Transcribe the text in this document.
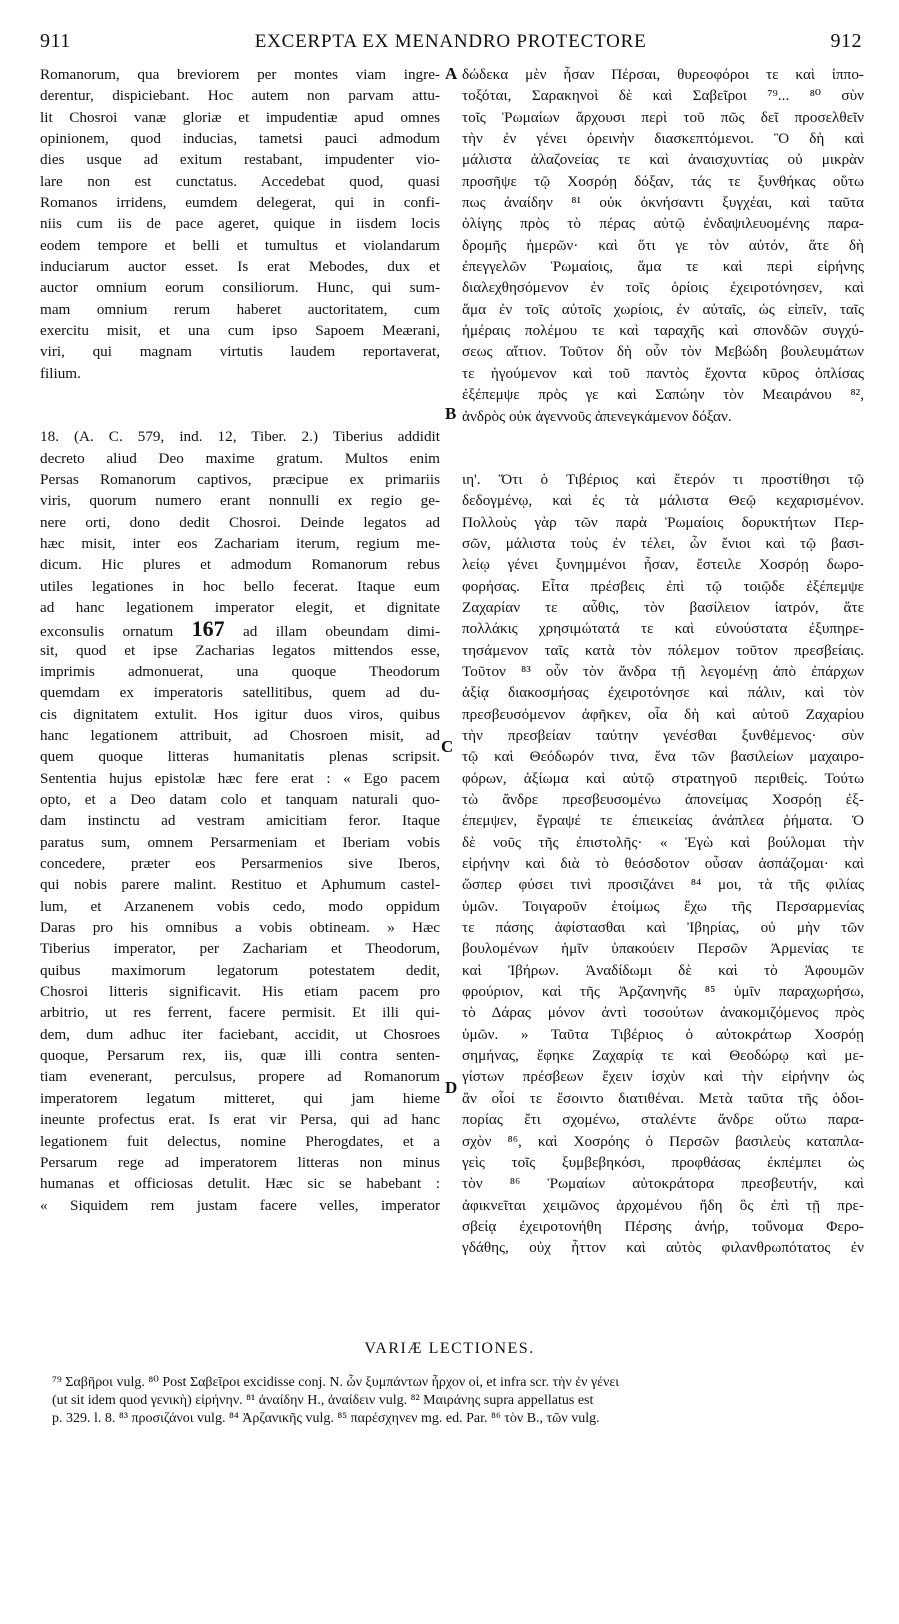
911	EXCERPTA EX MENANDRO PROTECTORE	912
Romanorum, qua breviorem per montes viam ingre-
derentur, dispiciebant. Hoc autem non parvam attu-
lit Chosroi vanæ gloriæ et impudentiæ apud omnes
opinionem, quod inducias, tametsi pauci admodum
dies usque ad exitum restabant, impudenter vio-
lare non est cunctatus. Accedebat quod, quasi
Romanos irridens, eumdem delegerat, qui in confi-
niis cum iis de pace ageret, quique in iisdem locis
eodem tempore et belli et tumultus et violandarum
induciarum auctor esset. Is erat Mebodes, dux et
auctor omnium eorum consiliorum. Hunc, qui sum-
mam omnium rerum haberet auctoritatem, cum
exercitu misit, et una cum ipso Sapoem Meærani,
viri, qui magnam virtutis laudem reportaverat,
filium.
18. (A. C. 579, ind. 12, Tiber. 2.) Tiberius addidit
decreto aliud Deo maxime gratum. Multos enim
Persas Romanorum captivos, præcipue ex primariis
viris, quorum numero erant nonnulli ex regio ge-
nere orti, dono dedit Chosroi. Deinde legatos ad
hæc misit, inter eos Zachariam iterum, regium me-
dicum. Hic plures et admodum Romanorum rebus
utiles legationes in hoc bello fecerat. Itaque eum
ad hanc legationem imperator elegit, et dignitate
exconsulis ornatum 167 ad illam obeundam dimi-
sit, quod et ipse Zacharias legatos mittendos esse,
imprimis admonuerat, una quoque Theodorum
quemdam ex imperatoris satellitibus, quem ad du-
cis dignitatem extulit. Hos igitur duos viros, quibus
hanc legationem attribuit, ad Chosroen misit, ad
quem quoque litteras humanitatis plenas scripsit.
Sententia hujus epistolæ hæc fere erat : « Ego pacem
opto, et a Deo datam colo et tanquam naturali quo-
dam instinctu ad vestram amicitiam feror. Itaque
paratus sum, omnem Persarmeniam et Iberiam vobis
concedere, præter eos Persarmenios sive Iberos,
qui nobis parere malint. Restituo et Aphumum castel-
lum, et Arzanenem vobis cedo, modo oppidum
Daras pro his omnibus a vobis obtineam. » Hæc
Tiberius imperator, per Zachariam et Theodorum,
quibus maximorum legatorum potestatem dedit,
Chosroi litteris significavit. His etiam pacem pro
arbitrio, ut res ferrent, facere permisit. Et illi qui-
dem, dum adhuc iter faciebant, accidit, ut Chosroes
quoque, Persarum rex, iis, quæ illi contra senten-
tiam evenerant, perculsus, propere ad Romanorum
imperatorem legatum mitteret, qui jam hieme
ineunte profectus erat. Is erat vir Persa, qui ad hanc
legationem fuit delectus, nomine Pherogdates, et a
Persarum rege ad imperatorem litteras non minus
humanas et officiosas detulit. Hæc sic se habebant :
« Siquidem rem justam facere velles, imperator
δώδεκα μὲν ἦσαν Πέρσαι, θυρεοφόροι τε καὶ ἱππο-
τοξόται, Σαρακηνοὶ δὲ καὶ Σαβεῖροι ⁷⁹... ⁸⁰ σὺν
τοῖς Ῥωμαίων ἄρχουσι περὶ τοῦ πῶς δεῖ προσελθεῖν
τὴν ἐν γένει ὀρεινὴν διασκεπτόμενοι. Ὃ δὴ καὶ
μάλιστα ἀλαζονείας τε καὶ ἀναισχυντίας οὐ μικρὰν
προσῆψε τῷ Χοσρόῃ δόξαν, τάς τε ξυνθήκας οὕτω
πως ἀναίδην ⁸¹ οὐκ ὀκνήσαντι ξυγχέαι, καὶ ταῦτα
ὀλίγης πρὸς τὸ πέρας αὐτῷ ἐνδαψιλευομένης παρα-
δρομῆς ἡμερῶν· καὶ ὅτι γε τὸν αὐτόν, ἅτε δὴ
ἐπεγγελῶν Ῥωμαίοις, ἅμα τε καὶ περὶ εἰρήνης
διαλεχθησόμενον ἐν τοῖς ὁρίοις ἐχειροτόνησεν, καὶ
ἅμα ἐν τοῖς αὐτοῖς χωρίοις, ἐν αὐταῖς, ὡς εἰπεῖν, ταῖς
ἡμέραις πολέμου τε καὶ ταραχῆς καὶ σπονδῶν συγχύ-
σεως αἴτιον. Τοῦτον δὴ οὖν τὸν Μεβώδη βουλευμάτων
τε ἡγούμενον καὶ τοῦ παντὸς ἔχοντα κῦρος ὁπλίσας
ἐξέπεμψε πρὸς γε καὶ Σαπώην τὸν Μεαιράνου ⁸²,
ἀνδρὸς οὐκ ἀγεννοῦς ἀπενεγκάμενον δόξαν.
ιη'. Ὅτι ὁ Τιβέριος καὶ ἕτερόν τι προστίθησι τῷ
δεδογμένῳ, καὶ ἐς τὰ μάλιστα Θεῷ κεχαρισμένον.
Πολλοὺς γὰρ τῶν παρὰ Ῥωμαίοις δορυκτήτων Περ-
σῶν, μάλιστα τοὺς ἐν τέλει, ὧν ἔνιοι καὶ τῷ βασι-
λείῳ γένει ξυνημμένοι ἦσαν, ἔστειλε Χοσρόῃ δωρο-
φορήσας. Εἶτα πρέσβεις ἐπὶ τῷ τοιῷδε ἐξέπεμψε
Ζαχαρίαν τε αὖθις, τὸν βασίλειον ἰατρόν, ἅτε
πολλάκις χρησιμώτατά τε καὶ εὐνούστατα ἐξυπηρε-
τησάμενον ταῖς κατὰ τὸν πόλεμον τοῦτον πρεσβείαις.
Τοῦτον ⁸³ οὖν τὸν ἄνδρα τῇ λεγομένῃ ἀπὸ ἐπάρχων
ἀξίᾳ διακοσμήσας ἐχειροτόνησε καὶ πάλιν, καὶ τὸν
πρεσβευσόμενον ἀφῆκεν, οἷα δὴ καὶ αὐτοῦ Ζαχαρίου
τὴν πρεσβείαν ταύτην γενέσθαι ξυνθέμενος· σὺν
τῷ καὶ Θεόδωρόν τινα, ἕνα τῶν βασιλείων μαχαιρο-
φόρων, ἀξίωμα καὶ αὐτῷ στρατηγοῦ περιθείς. Τούτω
τὼ ἄνδρε πρεσβευσομένω ἀπονείμας Χοσρόῃ ἐξ-
έπεμψεν, ἔγραψέ τε ἐπιεικείας ἀνάπλεα ῥήματα. Ὁ
δὲ νοῦς τῆς ἐπιστολῆς· « Ἐγὼ καὶ βούλομαι τὴν
εἰρήνην καὶ διὰ τὸ θεόσδοτον οὖσαν ἀσπάζομαι· καὶ
ὥσπερ φύσει τινὶ προσιζάνει ⁸⁴ μοι, τὰ τῆς φιλίας
ὑμῶν. Τοιγαροῦν ἑτοίμως ἔχω τῆς Περσαρμενίας
τε πάσης ἀφίστασθαι καὶ Ἰβηρίας, οὐ μὴν τῶν
βουλομένων ἡμῖν ὑπακούειν Περσῶν Ἀρμενίας τε
καὶ Ἰβήρων. Ἀναδίδωμι δὲ καὶ τὸ Ἀφουμῶν
φρούριον, καὶ τῆς Ἀρζανηνῆς ⁸⁵ ὑμῖν παραχωρήσω,
τὸ Δάρας μόνον ἀντὶ τοσούτων ἀνακομιζόμενος πρὸς
ὑμῶν. » Ταῦτα Τιβέριος ὁ αὐτοκράτωρ Χοσρόῃ
σημήνας, ἔφηκε Ζαχαρίᾳ τε καὶ Θεοδώρῳ καὶ με-
γίστων πρέσβεων ἔχειν ἰσχὺν καὶ τὴν εἰρήνην ὡς
ἂν οἷοί τε ἔσοιντο διατιθέναι. Μετὰ ταῦτα τῆς ὁδοι-
πορίας ἔτι σχομένω, σταλέντε ἄνδρε οὕτω παρα-
σχὸν ⁸⁶, καὶ Χοσρόης ὁ Περσῶν βασιλεὺς καταπλα-
γεὶς τοῖς ξυμβεβηκόσι, προφθάσας ἐκπέμπει ὡς
τὸν ⁸⁶ Ῥωμαίων αὐτοκράτορα πρεσβευτήν, καὶ
ἀφικνεῖται χειμῶνος ἀρχομένου ἤδη ὃς ἐπὶ τῇ πρε-
σβείᾳ ἐχειροτονήθη Πέρσης ἀνήρ, τοὔνομα Φερο-
γδάθης, οὐχ ἧττον καὶ αὐτὸς φιλανθρωπότατος ἐν
A
B
C
D
VARIÆ LECTIONES.
⁷⁹ Σαβῆροι vulg. ⁸⁰ Post Σαβεῖροι excidisse conj. N. ὧν ξυμπάντων ἦρχον οἱ, et infra scr. τὴν ἐν γένει
(ut sit idem quod γενικὴ) εἰρήνην. ⁸¹ ἀναίδην H., ἀναίδειν vulg. ⁸² Μαιράνης supra appellatus est
p. 329. l. 8. ⁸³ προσιζάνοι vulg. ⁸⁴ Ἀρζανικῆς vulg. ⁸⁵ παρέσχηνεν mg. ed. Par. ⁸⁶ τὸν B., τῶν vulg.
